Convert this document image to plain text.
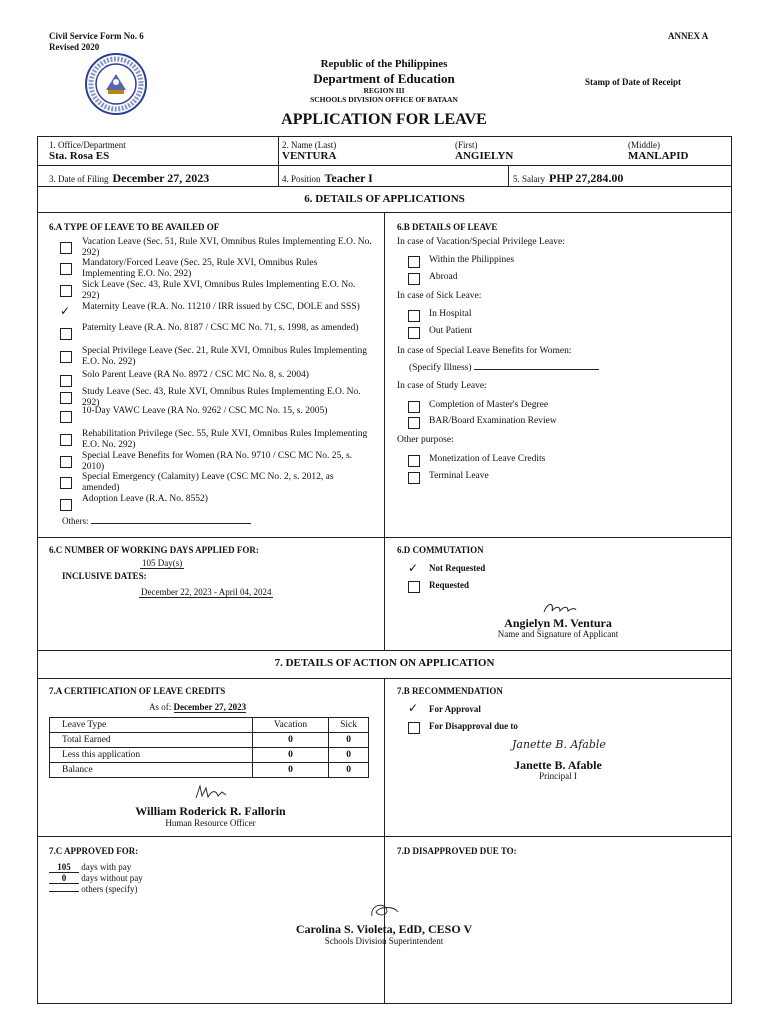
Civil Service Form No. 6
Revised 2020
ANNEX A
Republic of the Philippines
Department of Education
REGION III
SCHOOLS DIVISION OFFICE OF BATAAN
Stamp of Date of Receipt
APPLICATION FOR LEAVE
1. Office/Department
Sta. Rosa ES
2. Name (Last)	(First)	(Middle)
VENTURA	ANGIELYN	MANLAPID
3. Date of Filing December 27, 2023	4. Position Teacher I	5. Salary PHP 27,284.00
6. DETAILS OF APPLICATIONS
6.A TYPE OF LEAVE TO BE AVAILED OF
Vacation Leave (Sec. 51, Rule XVI, Omnibus Rules Implementing E.O. No. 292)
Mandatory/Forced Leave (Sec. 25, Rule XVI, Omnibus Rules Implementing E.O. No. 292)
Sick Leave (Sec. 43, Rule XVI, Omnibus Rules Implementing E.O. No. 292)
✓ Maternity Leave (R.A. No. 11210 / IRR issued by CSC, DOLE and SSS)
Paternity Leave (R.A. No. 8187 / CSC MC No. 71, s. 1998, as amended)
Special Privilege Leave (Sec. 21, Rule XVI, Omnibus Rules Implementing E.O. No. 292)
Solo Parent Leave (RA No. 8972 / CSC MC No. 8, s. 2004)
Study Leave (Sec. 43, Rule XVI, Omnibus Rules Implementing E.O. No. 292)
10-Day VAWC Leave (RA No. 9262 / CSC MC No. 15, s. 2005)
Rehabilitation Privilege (Sec. 55, Rule XVI, Omnibus Rules Implementing E.O. No. 292)
Special Leave Benefits for Women (RA No. 9710 / CSC MC No. 25, s. 2010)
Special Emergency (Calamity) Leave (CSC MC No. 2, s. 2012, as amended)
Adoption Leave (R.A. No. 8552)
Others:
6.B DETAILS OF LEAVE
In case of Vacation/Special Privilege Leave:
Within the Philippines
Abroad
In case of Sick Leave:
In Hospital
Out Patient
In case of Special Leave Benefits for Women:
(Specify Illness)
In case of Study Leave:
Completion of Master's Degree
BAR/Board Examination Review
Other purpose:
Monetization of Leave Credits
Terminal Leave
6.C NUMBER OF WORKING DAYS APPLIED FOR:
105 Day(s)
INCLUSIVE DATES:
December 22, 2023 - April 04, 2024
6.D COMMUTATION
✓ Not Requested
Requested
Angielyn M. Ventura
Name and Signature of Applicant
7. DETAILS OF ACTION ON APPLICATION
7.A CERTIFICATION OF LEAVE CREDITS
As of: December 27, 2023
Leave Type	Vacation	Sick
Total Earned	0	0
Less this application	0	0
Balance	0	0
William Roderick R. Fallorin
Human Resource Officer
7.B RECOMMENDATION
✓ For Approval
For Disapproval due to
Janette B. Afable
Janette B. Afable
Principal I
7.C APPROVED FOR:
105 days with pay
0 days without pay
others (specify)
7.D DISAPPROVED DUE TO:
Carolina S. Violeta, EdD, CESO V
Schools Division Superintendent
